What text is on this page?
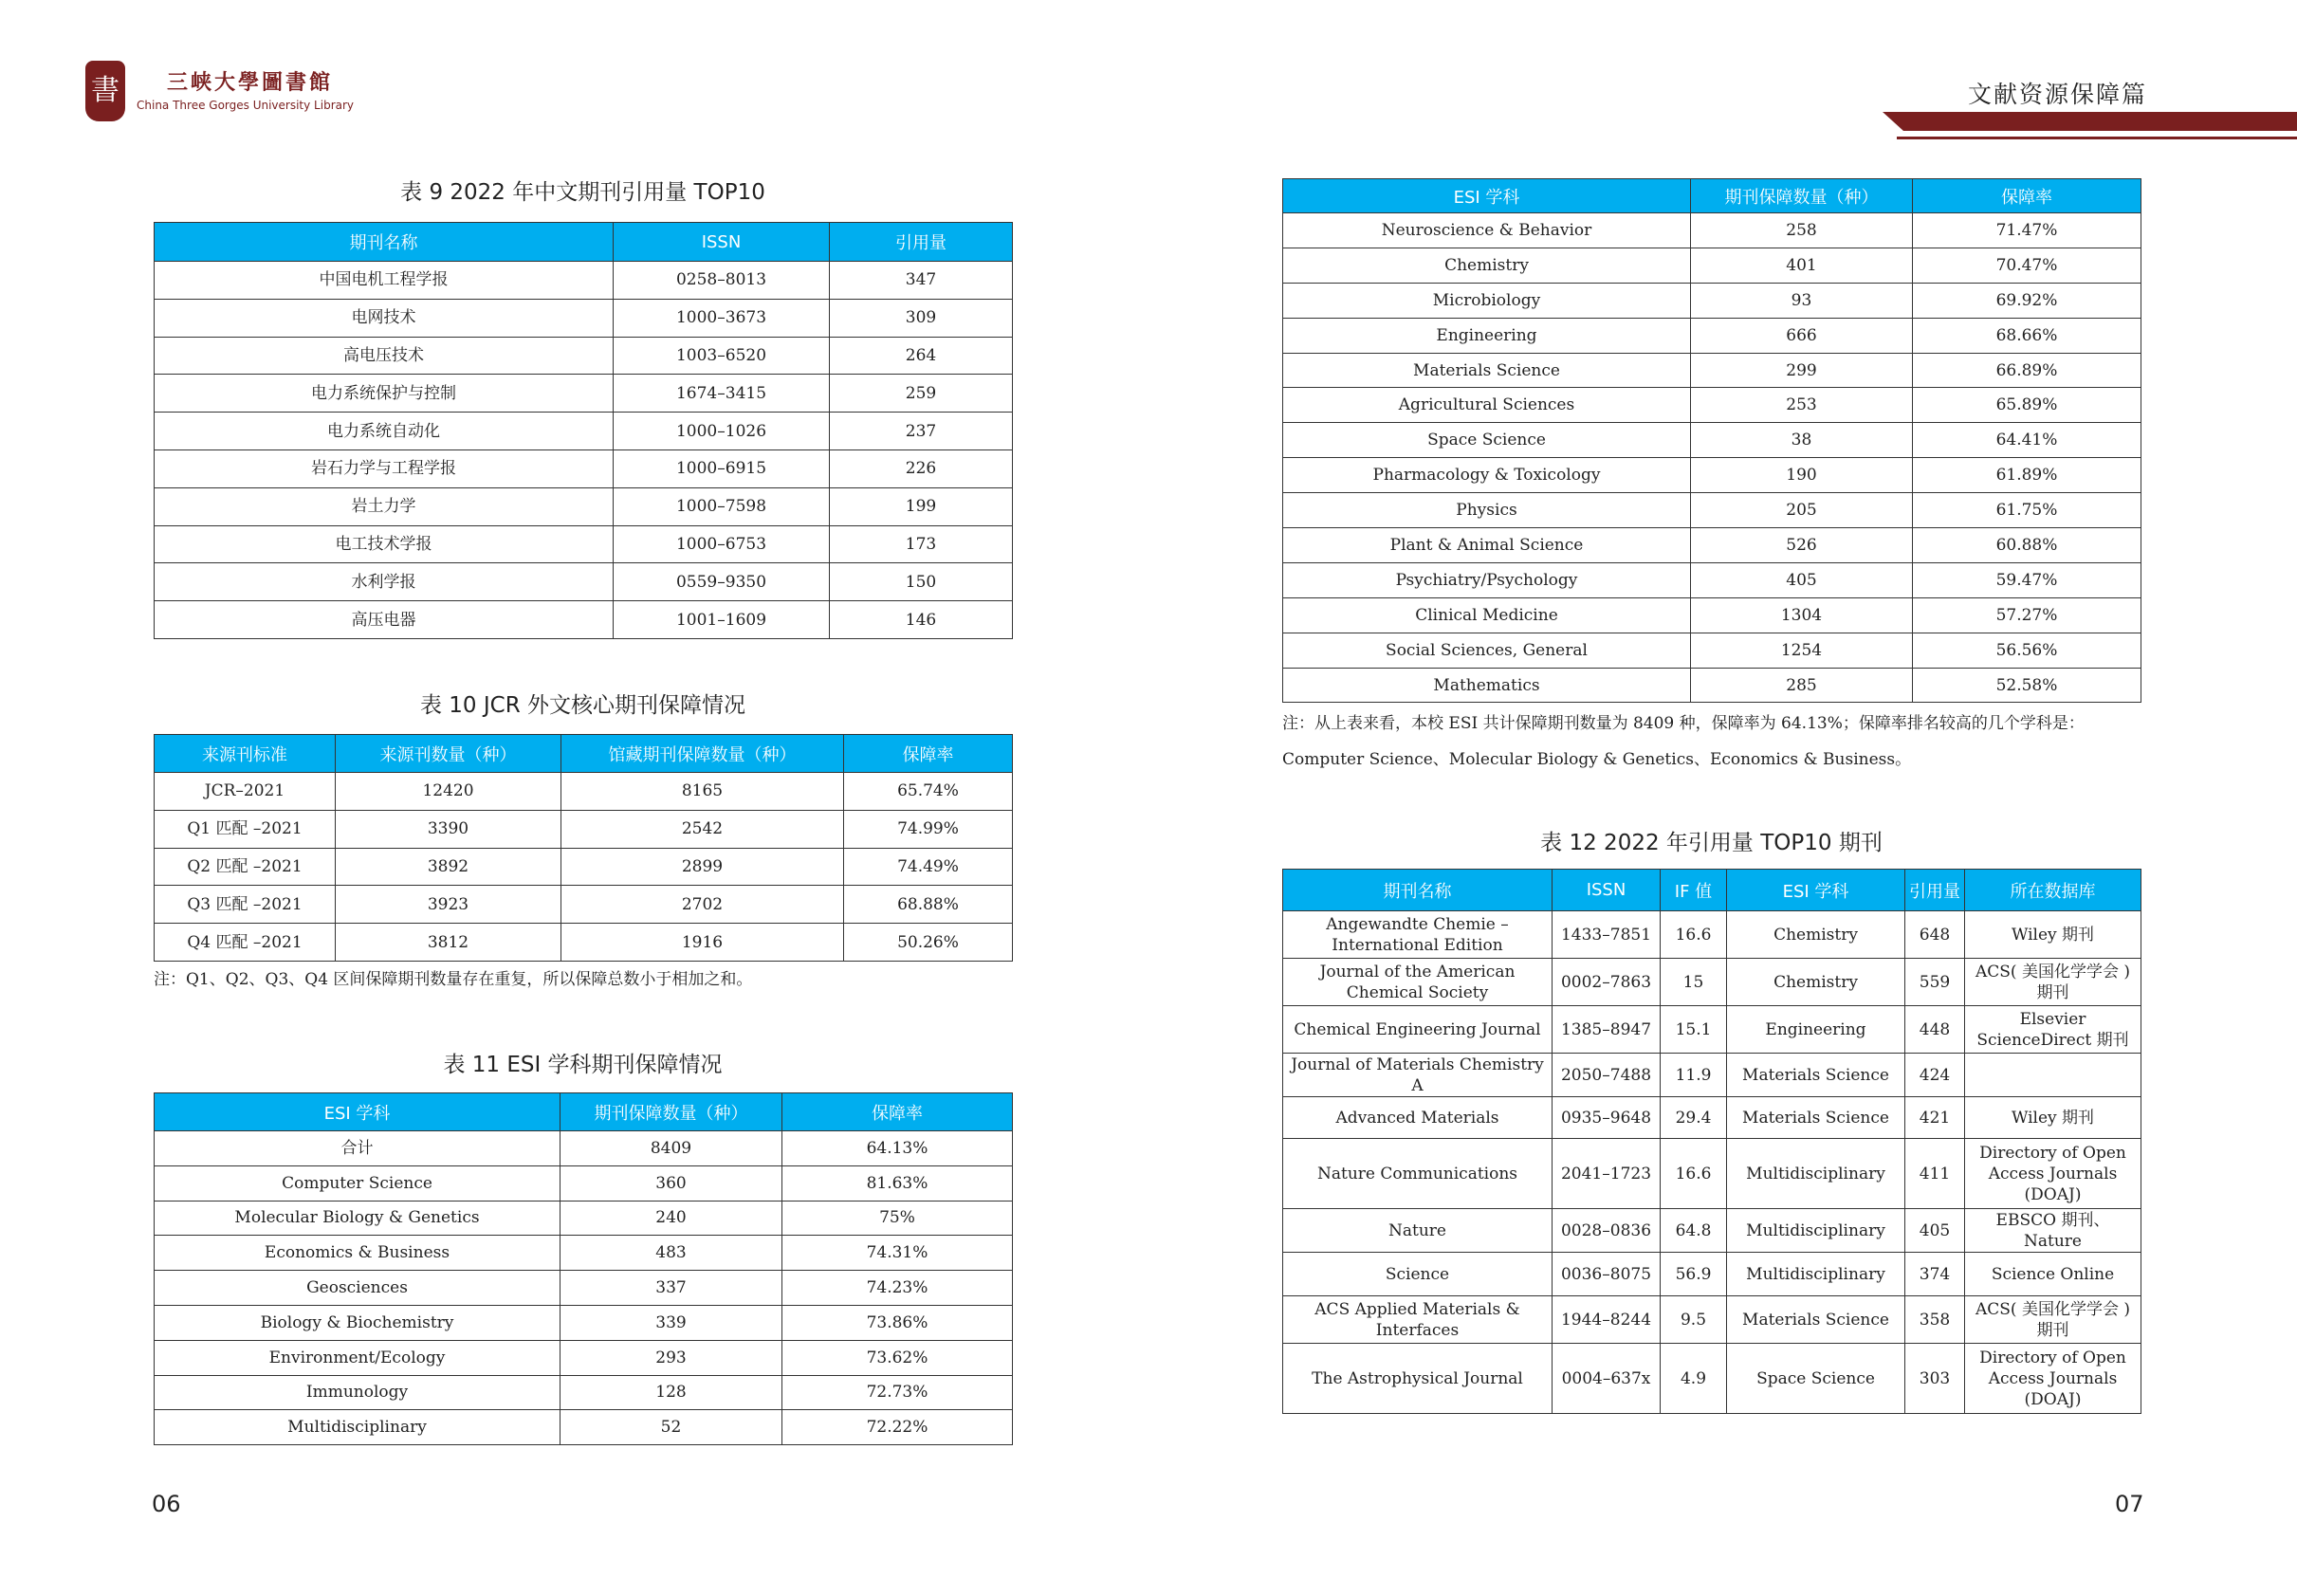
書 三峡大學圖書館
China Three Gorges University Library	文献资源保障篇
表 9 2022 年中文期刊引用量 TOP10
期刊名称	ISSN	引用量
中国电机工程学报	0258–8013	347
电网技术	1000–3673	309
高电压技术	1003–6520	264
电力系统保护与控制	1674–3415	259
电力系统自动化	1000–1026	237
岩石力学与工程学报	1000–6915	226
岩土力学	1000–7598	199
电工技术学报	1000–6753	173
水利学报	0559–9350	150
高压电器	1001–1609	146
表 10 JCR 外文核心期刊保障情况
来源刊标准	来源刊数量（种）	馆藏期刊保障数量（种）	保障率
JCR–2021	12420	8165	65.74%
Q1 匹配 –2021	3390	2542	74.99%
Q2 匹配 –2021	3892	2899	74.49%
Q3 匹配 –2021	3923	2702	68.88%
Q4 匹配 –2021	3812	1916	50.26%
注：Q1、Q2、Q3、Q4 区间保障期刊数量存在重复，所以保障总数小于相加之和。
表 11 ESI 学科期刊保障情况
ESI 学科	期刊保障数量（种）	保障率
合计	8409	64.13%
Computer Science	360	81.63%
Molecular Biology & Genetics	240	75%
Economics & Business	483	74.31%
Geosciences	337	74.23%
Biology & Biochemistry	339	73.86%
Environment/Ecology	293	73.62%
Immunology	128	72.73%
Multidisciplinary	52	72.22%
06
ESI 学科	期刊保障数量（种）	保障率
Neuroscience & Behavior	258	71.47%
Chemistry	401	70.47%
Microbiology	93	69.92%
Engineering	666	68.66%
Materials Science	299	66.89%
Agricultural Sciences	253	65.89%
Space Science	38	64.41%
Pharmacology & Toxicology	190	61.89%
Physics	205	61.75%
Plant & Animal Science	526	60.88%
Psychiatry/Psychology	405	59.47%
Clinical Medicine	1304	57.27%
Social Sciences, General	1254	56.56%
Mathematics	285	52.58%
注：从上表来看，本校 ESI 共计保障期刊数量为 8409 种，保障率为 64.13%；保障率排名较高的几个学科是：
Computer Science、Molecular Biology & Genetics、Economics & Business。
表 12 2022 年引用量 TOP10 期刊
期刊名称	ISSN	IF 值	ESI 学科	引用量	所在数据库
Angewandte Chemie – International Edition	1433–7851	16.6	Chemistry	648	Wiley 期刊
Journal of the American Chemical Society	0002–7863	15	Chemistry	559	ACS( 美国化学学会 ) 期刊
Chemical Engineering Journal	1385–8947	15.1	Engineering	448	Elsevier ScienceDirect 期刊
Journal of Materials Chemistry A	2050–7488	11.9	Materials Science	424	
Advanced Materials	0935–9648	29.4	Materials Science	421	Wiley 期刊
Nature Communications	2041–1723	16.6	Multidisciplinary	411	Directory of Open Access Journals (DOAJ)
Nature	0028–0836	64.8	Multidisciplinary	405	EBSCO 期刊、Nature
Science	0036–8075	56.9	Multidisciplinary	374	Science Online
ACS Applied Materials & Interfaces	1944–8244	9.5	Materials Science	358	ACS( 美国化学学会 ) 期刊
The Astrophysical Journal	0004–637x	4.9	Space Science	303	Directory of Open Access Journals (DOAJ)
07
